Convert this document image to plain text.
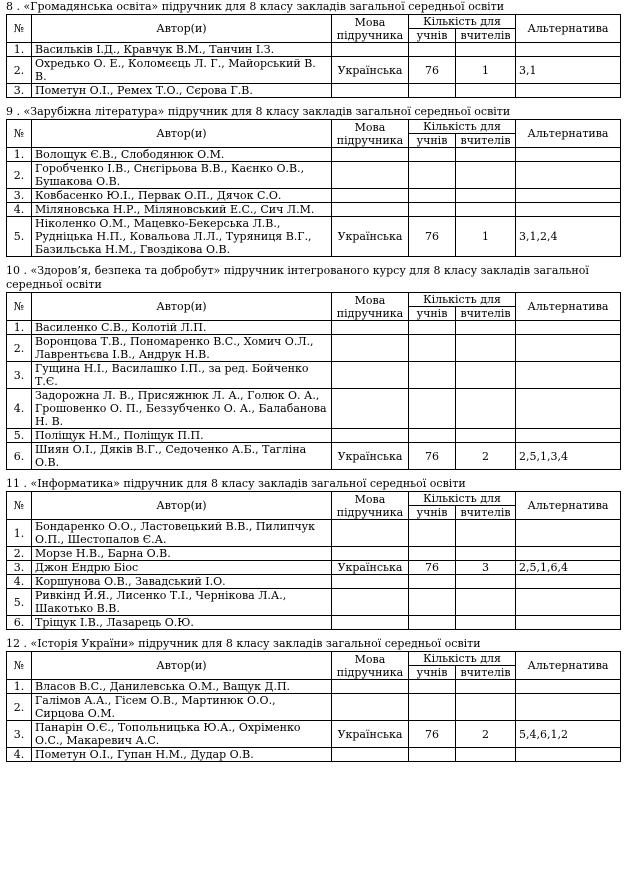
8 . «Громадянська освіта» підручник для 8 класу закладів загальної середньої освіти
№	Автор(и)	Мова підручника	Кількість для		Альтернатива
			учнів	вчителів	
1.	Васильків І.Д., Кравчук В.М., Танчин І.З.				
2.	Охредько О. Е., Коломєєць Л. Г., Майорський В. В.	Українська	76	1	3,1
3.	Пометун О.І., Ремех Т.О., Сєрова Г.В.				
9 . «Зарубіжна література» підручник для 8 класу закладів загальної середньої освіти
№	Автор(и)	Мова підручника	Кількість для		Альтернатива
			учнів	вчителів	
1.	Волощук Є.В., Слободянюк О.М.				
2.	Горобченко І.В., Снєгірьова В.В., Каєнко О.В., Бушакова О.В.				
3.	Ковбасенко Ю.І., Первак О.П., Дячок С.О.				
4.	Міляновська Н.Р., Міляновський Е.С., Сич Л.М.				
5.	Ніколенко О.М., Мацевко-Бекерська Л.В., Рудніцька Н.П., Ковальова Л.Л., Туряниця В.Г., Базильська Н.М., Гвоздікова О.В.	Українська	76	1	3,1,2,4
10 . «Здоров’я, безпека та добробут» підручник інтегрованого курсу для 8 класу закладів загальної середньої освіти
№	Автор(и)	Мова підручника	Кількість для		Альтернатива
			учнів	вчителів	
1.	Василенко С.В., Колотій Л.П.				
2.	Воронцова Т.В., Пономаренко В.С., Хомич О.Л., Лаврентьєва І.В., Андрук Н.В.				
3.	Гущина Н.І., Василашко І.П., за ред. Бойченко Т.Є.				
4.	Задорожна Л. В., Присяжнюк Л. А., Голюк О. А., Грошовенко О. П., Беззубченко О. А., Балабанова Н. В.				
5.	Поліщук Н.М., Поліщук П.П.				
6.	Шиян О.І., Дяків В.Г., Седоченко А.Б., Таглiна О.В.	Українська	76	2	2,5,1,3,4
11 . «Інформатика» підручник для 8 класу закладів загальної середньої освіти
№	Автор(и)	Мова підручника	Кількість для		Альтернатива
			учнів	вчителів	
1.	Бондаренко О.О., Ластовецький В.В., Пилипчук О.П., Шестопалов Є.А.				
2.	Морзе Н.В., Барна О.В.				
3.	Джон Ендрю Біос	Українська	76	3	2,5,1,6,4
4.	Коршунова О.В., Завадський І.О.				
5.	Ривкінд Й.Я., Лисенко Т.І., Чернікова Л.А., Шакотько В.В.				
6.	Тріщук І.В., Лазарець О.Ю.				
12 . «Історія України» підручник для 8 класу закладів загальної середньої освіти
№	Автор(и)	Мова підручника	Кількість для		Альтернатива
			учнів	вчителів	
1.	Власов В.С., Данилевська О.М., Ващук Д.П.				
2.	Галімов А.А., Гісем О.В., Мартинюк О.О., Сирцова О.М.				
3.	Панарін О.Є., Топольницька Ю.А., Охріменко О.С., Макаревич А.С.	Українська	76	2	5,4,6,1,2
4.	Пометун О.І., Гупан Н.М., Дудар О.В.				
